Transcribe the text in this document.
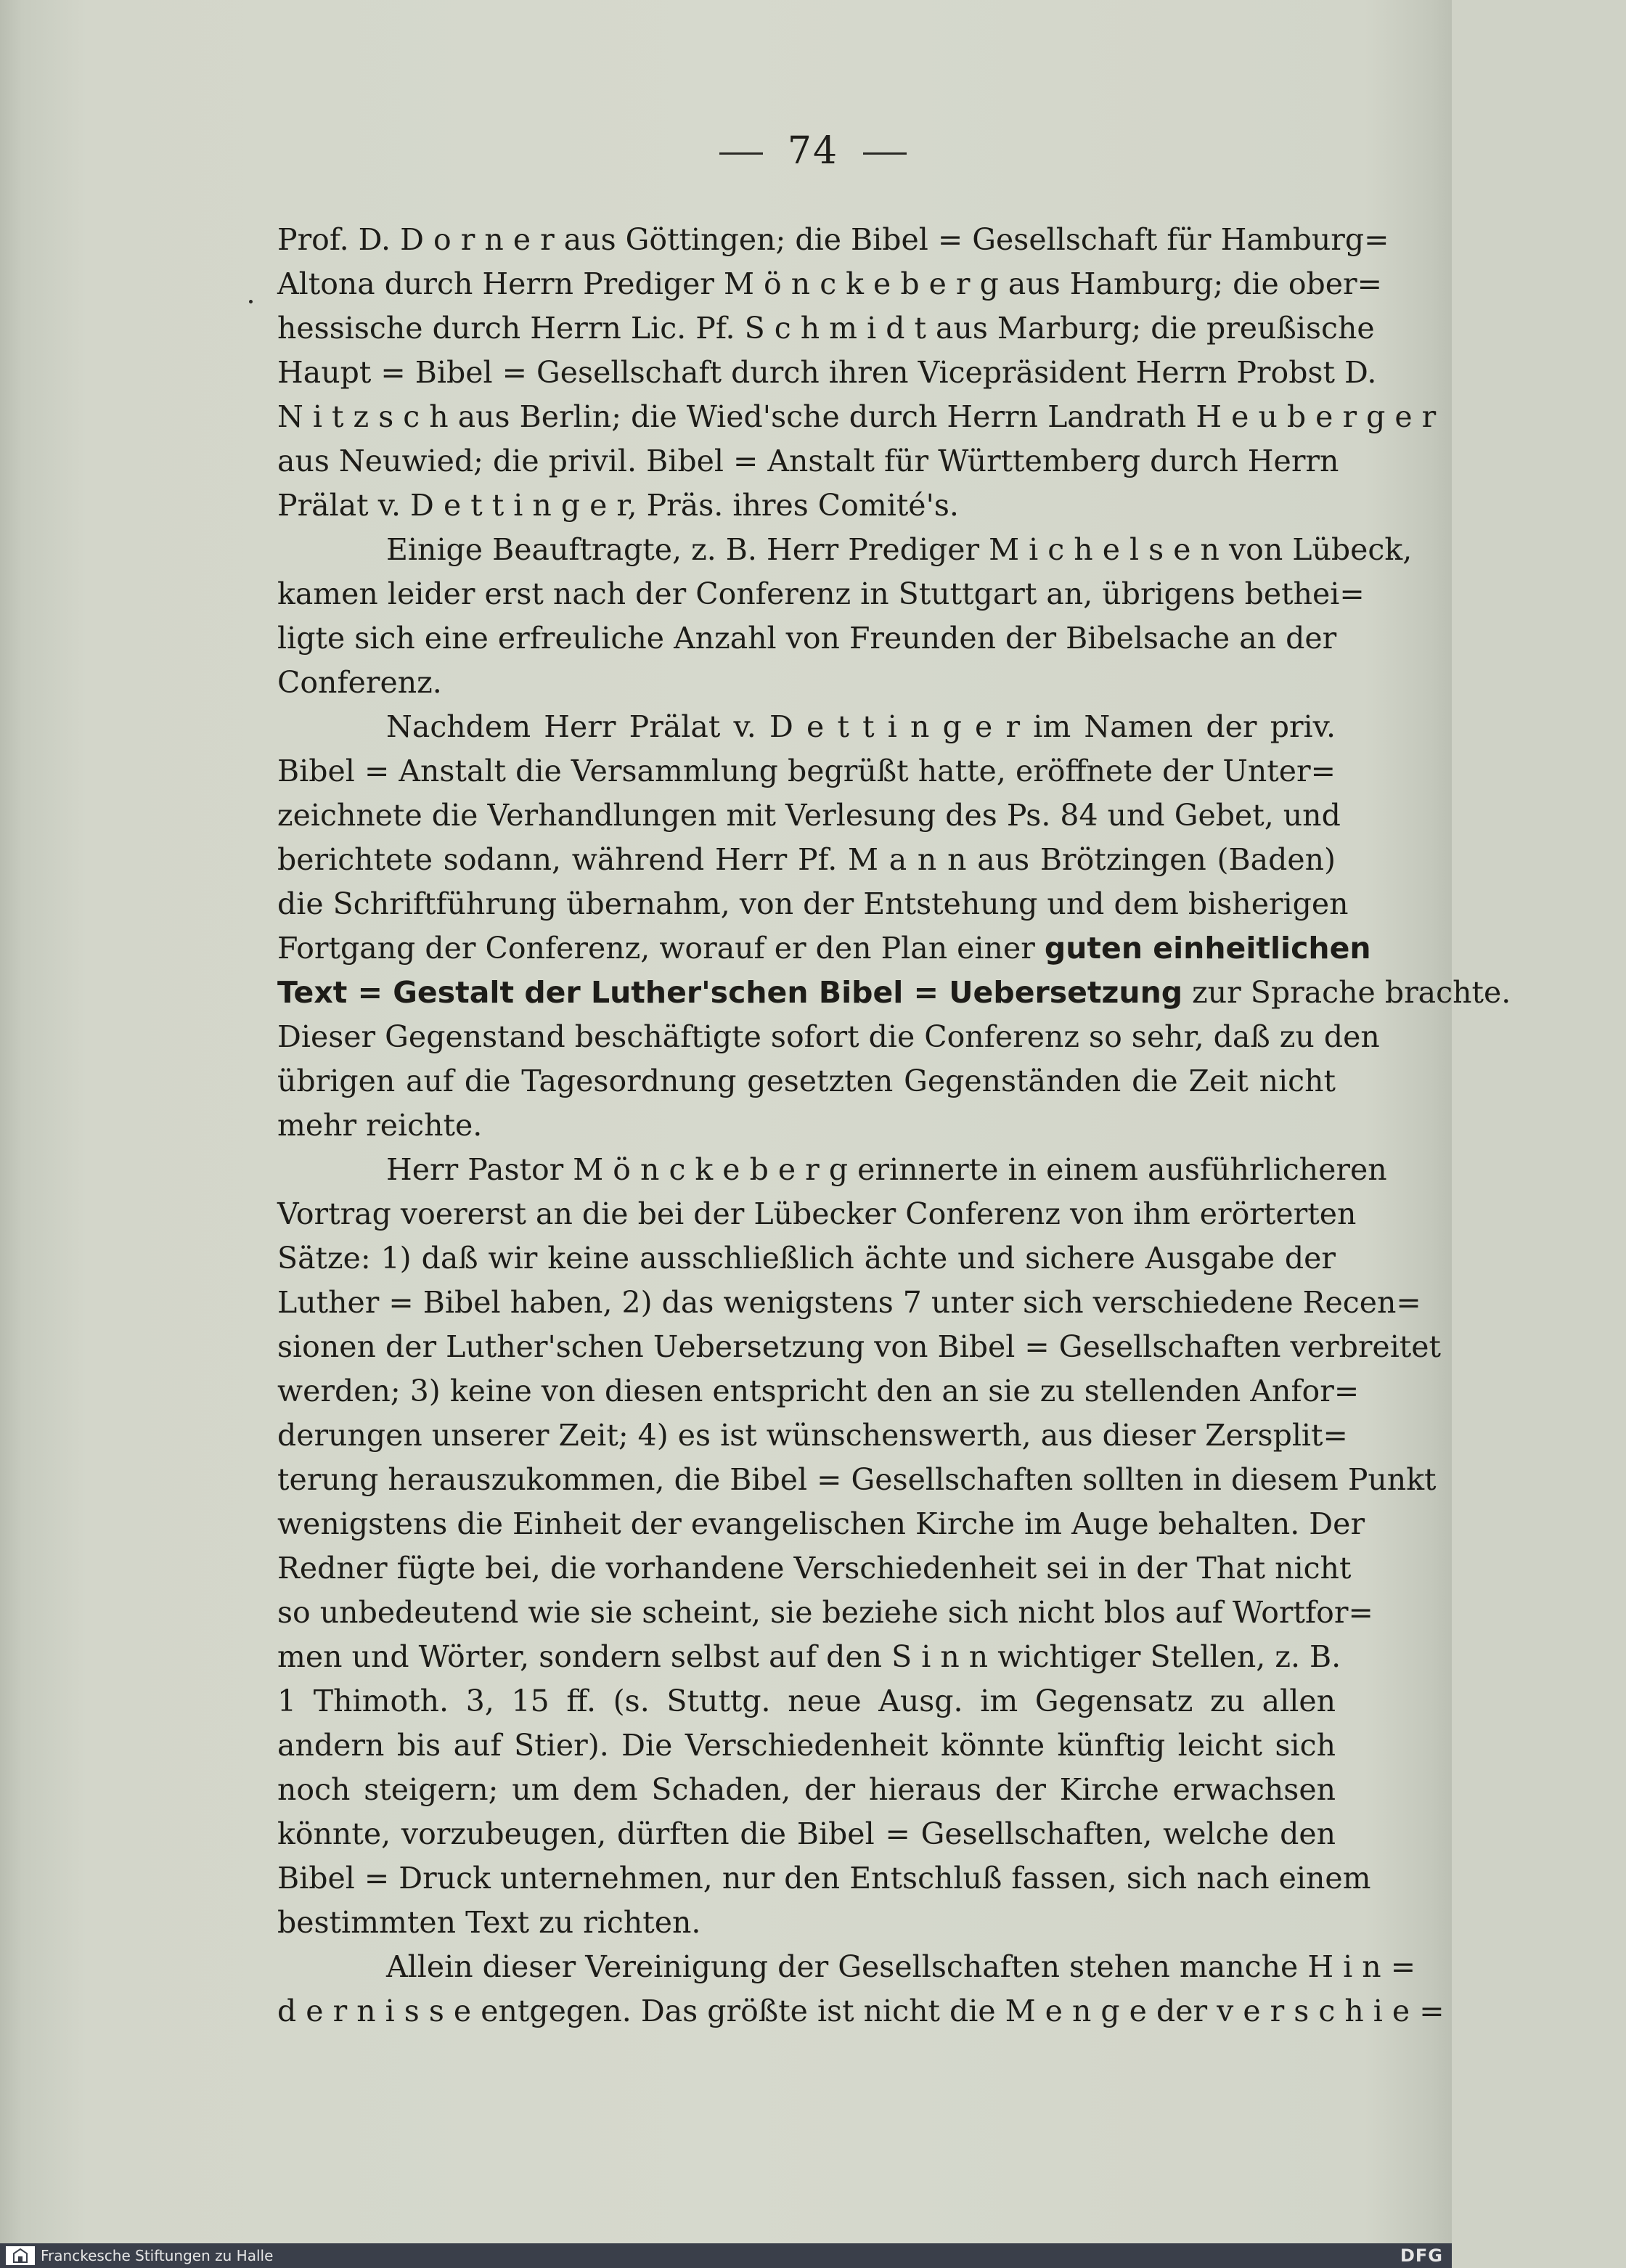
74
Prof. D. D o r n e r aus Göttingen; die Bibel = Gesellschaft für Hamburg=
Altona durch Herrn Prediger M ö n c k e b e r g aus Hamburg; die ober=
hessische durch Herrn Lic. Pf. S c h m i d t aus Marburg; die preußische
Haupt = Bibel = Gesellschaft durch ihren Vicepräsident Herrn Probst D.
N i t z s c h aus Berlin; die Wied'sche durch Herrn Landrath H e u b e r g e r
aus Neuwied; die privil. Bibel = Anstalt für Württemberg durch Herrn
Prälat v. D e t t i n g e r, Präs. ihres Comité's.
Einige Beauftragte, z. B. Herr Prediger M i c h e l s e n von Lübeck,
kamen leider erst nach der Conferenz in Stuttgart an, übrigens bethei=
ligte sich eine erfreuliche Anzahl von Freunden der Bibelsache an der
Conferenz.
Nachdem Herr Prälat v. D e t t i n g e r im Namen der priv.
Bibel = Anstalt die Versammlung begrüßt hatte, eröffnete der Unter=
zeichnete die Verhandlungen mit Verlesung des Ps. 84 und Gebet, und
berichtete sodann, während Herr Pf. M a n n aus Brötzingen (Baden)
die Schriftführung übernahm, von der Entstehung und dem bisherigen
Fortgang der Conferenz, worauf er den Plan einer guten einheitlichen
Text = Gestalt der Luther'schen Bibel = Uebersetzung zur Sprache brachte.
Dieser Gegenstand beschäftigte sofort die Conferenz so sehr, daß zu den
übrigen auf die Tagesordnung gesetzten Gegenständen die Zeit nicht
mehr reichte.
Herr Pastor M ö n c k e b e r g erinnerte in einem ausführlicheren
Vortrag voererst an die bei der Lübecker Conferenz von ihm erörterten
Sätze: 1) daß wir keine ausschließlich ächte und sichere Ausgabe der
Luther = Bibel haben, 2) das wenigstens 7 unter sich verschiedene Recen=
sionen der Luther'schen Uebersetzung von Bibel = Gesellschaften verbreitet
werden; 3) keine von diesen entspricht den an sie zu stellenden Anfor=
derungen unserer Zeit; 4) es ist wünschenswerth, aus dieser Zersplit=
terung herauszukommen, die Bibel = Gesellschaften sollten in diesem Punkt
wenigstens die Einheit der evangelischen Kirche im Auge behalten. Der
Redner fügte bei, die vorhandene Verschiedenheit sei in der That nicht
so unbedeutend wie sie scheint, sie beziehe sich nicht blos auf Wortfor=
men und Wörter, sondern selbst auf den S i n n wichtiger Stellen, z. B.
1 Thimoth. 3, 15 ff. (s. Stuttg. neue Ausg. im Gegensatz zu allen
andern bis auf Stier). Die Verschiedenheit könnte künftig leicht sich
noch steigern; um dem Schaden, der hieraus der Kirche erwachsen
könnte, vorzubeugen, dürften die Bibel = Gesellschaften, welche den
Bibel = Druck unternehmen, nur den Entschluß fassen, sich nach einem
bestimmten Text zu richten.
Allein dieser Vereinigung der Gesellschaften stehen manche H i n =
d e r n i s s e entgegen. Das größte ist nicht die M e n g e der v e r s c h i e =
Franckesche Stiftungen zu Halle	DFG
